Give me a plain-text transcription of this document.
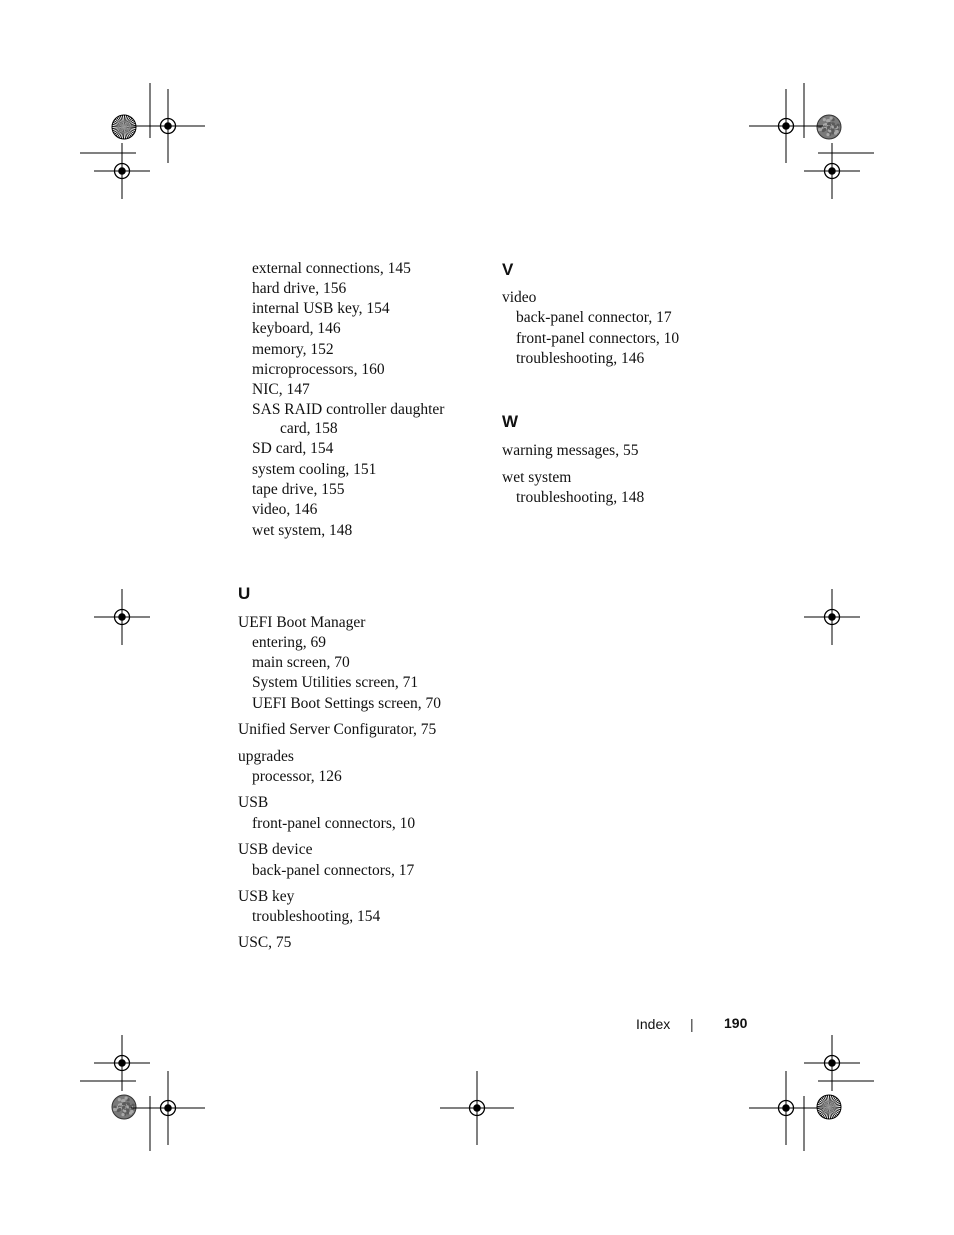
external connections, 145
hard drive, 156
internal USB key, 154
keyboard, 146
memory, 152
microprocessors, 160
NIC, 147
SAS RAID controller daughter
card, 158
SD card, 154
system cooling, 151
tape drive, 155
video, 146
wet system, 148
U
UEFI Boot Manager
entering, 69
main screen, 70
System Utilities screen, 71
UEFI Boot Settings screen, 70
Unified Server Configurator, 75
upgrades
processor, 126
USB
front-panel connectors, 10
USB device
back-panel connectors, 17
USB key
troubleshooting, 154
USC, 75
V
video
back-panel connector, 17
front-panel connectors, 10
troubleshooting, 146
W
warning messages, 55
wet system
troubleshooting, 148
Index | 190
